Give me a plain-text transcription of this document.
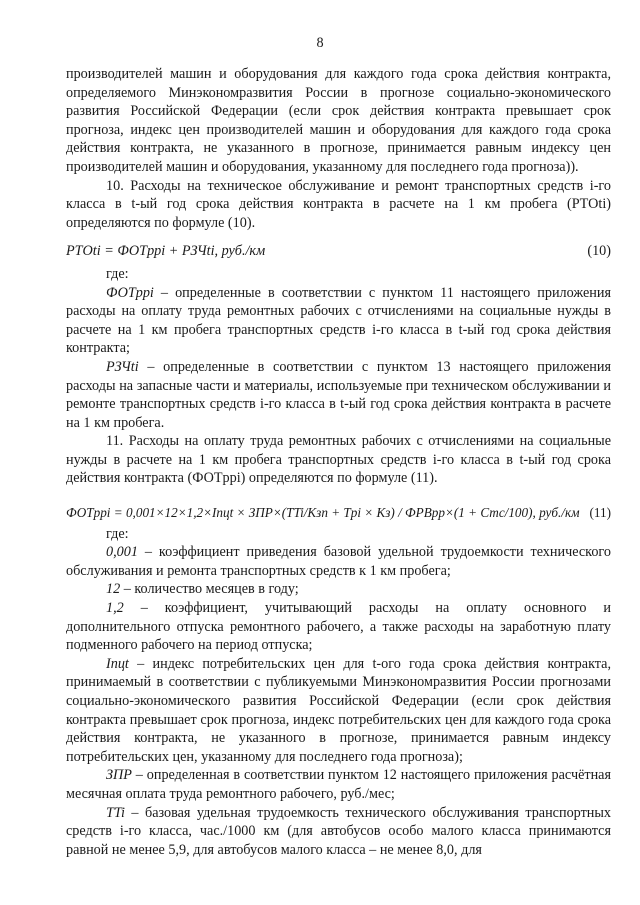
8

производителей машин и оборудования для каждого года срока действия контракта, определяемого Минэкономразвития России в прогнозе социально-экономического развития Российской Федерации (если срок действия контракта превышает срок прогноза, индекс цен производителей машин и оборудования для каждого года срока действия контракта, не указанного в прогнозе, принимается равным индексу цен производителей машин и оборудования, указанному для последнего года прогноза)).

10. Расходы на техническое обслуживание и ремонт транспортных средств i-го класса в t-ый год срока действия контракта в расчете на 1 км пробега (PТОti) определяются по формуле (10).

PТОti = ФОТppi + PЗЧti, руб./км	(10)

где:

ФОТppi – определенные в соответствии с пунктом 11 настоящего приложения расходы на оплату труда ремонтных рабочих с отчислениями на социальные нужды в расчете на 1 км пробега транспортных средств i-го класса в t-ый год срока действия контракта;

PЗЧti – определенные в соответствии с пунктом 13 настоящего приложения расходы на запасные части и материалы, используемые при техническом обслуживании и ремонте транспортных средств i-го класса в t-ый год срока действия контракта в расчете на 1 км пробега.

11. Расходы на оплату труда ремонтных рабочих с отчислениями на социальные нужды в расчете на 1 км пробега транспортных средств i-го класса в t-ый год срока действия контракта (ФОТppi) определяются по формуле (11).

ФОТppi = 0,001×12×1,2×Iпцt × ЗПР×(ТTi/Кзп + Тpi × Кз) / ФРВрр×(1 + Стс/100), руб./км (11)

где:

0,001 – коэффициент приведения базовой удельной трудоемкости технического обслуживания и ремонта транспортных средств к 1 км пробега;

12 – количество месяцев в году;

1,2 – коэффициент, учитывающий расходы на оплату основного и дополнительного отпуска ремонтного рабочего, а также расходы на заработную плату подменного рабочего на период отпуска;

Iпцt – индекс потребительских цен для t-ого года срока действия контракта, принимаемый в соответствии с публикуемыми Минэкономразвития России прогнозами социально-экономического развития Российской Федерации (если срок действия контракта превышает срок прогноза, индекс потребительских цен для каждого года срока действия контракта, не указанного в прогнозе, принимается равным индексу потребительских цен, указанному для последнего года прогноза);

ЗПР – определенная в соответствии пунктом 12 настоящего приложения расчётная месячная оплата труда ремонтного рабочего, руб./мес;

ТTi – базовая удельная трудоемкость технического обслуживания транспортных средств i-го класса, час./1000 км (для автобусов особо малого класса принимаются равной не менее 5,9, для автобусов малого класса – не менее 8,0, для
